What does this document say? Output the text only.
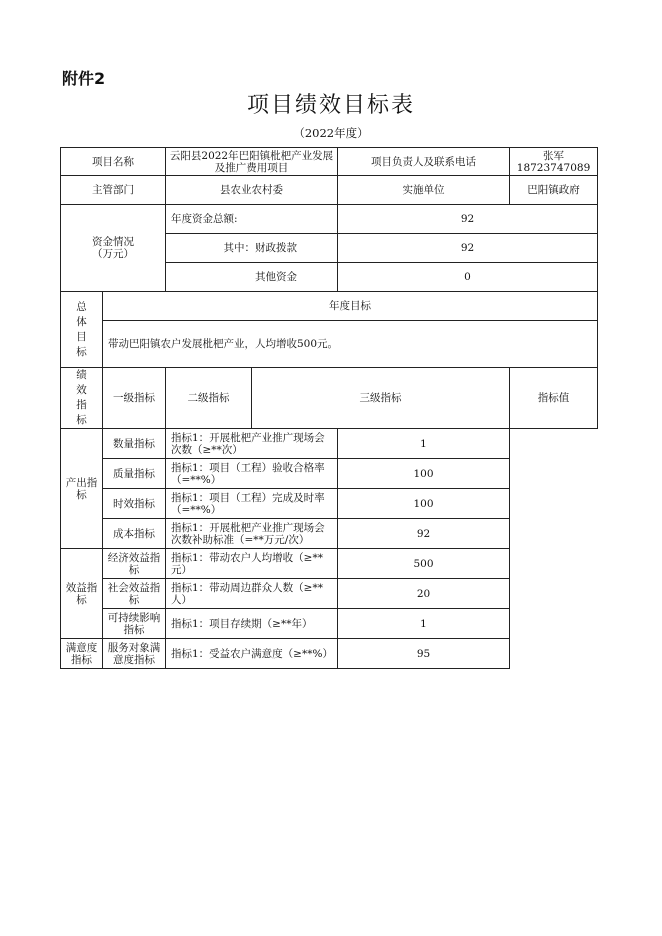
附件2
项目绩效目标表
（2022年度）
项目名称		云阳县2022年巴阳镇枇杷产业发展及推广费用项目		项目负责人及联系电话	张军
18723747089

主管部门		县农业农村委		实施单位	巴阳镇政府

资金情况
（万元）		年度资金总额:		92	
		其中：财政拨款		92	
		其他资金		0	

总
体
目
标	年度目标				
	带动巴阳镇农户发展枇杷产业，人均增收500元。				

绩
效
指
标	一级指标	二级指标	三级指标		指标值
产出指标	数量指标	指标1：开展枇杷产业推广现场会次数（≥**次）		1	
	质量指标	指标1：项目（工程）验收合格率（=**%）		100	
	时效指标	指标1：项目（工程）完成及时率（=**%）		100	
	成本指标	指标1：开展枇杷产业推广现场会次数补助标准（=**万元/次）		92	
效益指标	经济效益指标	指标1：带动农户人均增收（≥**元）		500	
	社会效益指标	指标1：带动周边群众人数（≥**人）		20	
	可持续影响指标	指标1：项目存续期（≥**年）		1	
满意度指标	服务对象满意度指标	指标1：受益农户满意度（≥**%）		95	
